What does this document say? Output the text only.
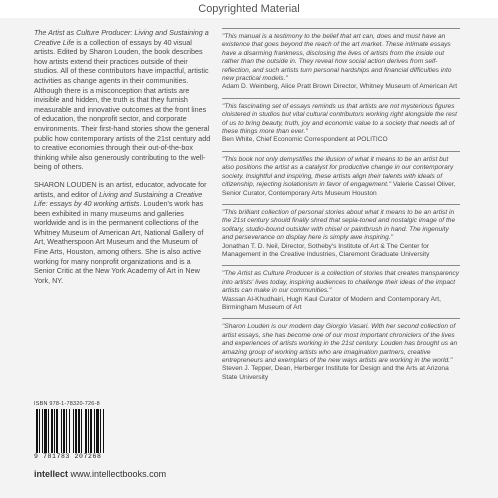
Copyrighted Material

The Artist as Culture Producer: Living and Sustaining a Creative Life is a collection of essays by 40 visual artists. Edited by Sharon Louden, the book describes how artists extend their practices outside of their studios. All of these contributors have impactful, artistic activities as change agents in their communities. Although there is a misconception that artists are invisible and hidden, the truth is that they furnish measurable and innovative outcomes at the front lines of education, the nonprofit sector, and corporate environments. Their first-hand stories show the general public how contemporary artists of the 21st century add to creative economies through their out-of-the-box thinking while also generously contributing to the well-being of others.

SHARON LOUDEN is an artist, educator, advocate for artists, and editor of Living and Sustaining a Creative Life: essays by 40 working artists. Louden's work has been exhibited in many museums and galleries worldwide and is in the permanent collections of the Whitney Museum of American Art, National Gallery of Art, Weatherspoon Art Museum and the Museum of Fine Arts, Houston, among others. She is also active working for many nonprofit organizations and is a Senior Critic at the New York Academy of Art in New York, NY.

"This manual is a testimony to the belief that art can, does and must have an existence that goes beyond the reach of the art market. These intimate essays have a disarming frankness, disclosing the lives of artists from the inside out rather than the outside in. They reveal how social action derives from self-reflection, and such artists turn personal hardships and financial difficulties into new practical models."

Adam D. Weinberg, Alice Pratt Brown Director, Whitney Museum of American Art

"This fascinating set of essays reminds us that artists are not mysterious figures cloistered in studios but vital cultural contributors working right alongside the rest of us to bring beauty, truth, joy and economic value to a society that needs all of these things more than ever."

Ben White, Chief Economic Correspondent at POLITICO

"This book not only demystifies the illusion of what it means to be an artist but also positions the artist as a catalyst for productive change in our contemporary society. Insightful and inspiring, these artists align their talents with ideals of citizenship, rejecting isolationism in favor of engagement." Valerie Cassel Oliver, Senior Curator, Contemporary Arts Museum Houston

"This brilliant collection of personal stories about what it means to be an artist in the 21st century should finally shred that sepia-toned and nostalgic image of the solitary, studio-bound outsider with chisel or paintbrush in hand. The ingenuity and perseverance on display here is simply awe inspiring."

Jonathan T. D. Neil, Director, Sotheby's Institute of Art & The Center for Management in the Creative Industries, Claremont Graduate University

"The Artist as Culture Producer is a collection of stories that creates transparency into artists' lives today, inspiring audiences to challenge their ideas of the impact artists can make in our communities."

Wassan Al-Khudhairi, Hugh Kaul Curator of Modern and Contemporary Art, Birmingham Museum of Art

"Sharon Louden is our modern day Giorgio Vasari. With her second collection of artist essays, she has become one of our most important chroniclers of the lives and experiences of artists working in the 21st century. Louden has brought us an amazing group of working artists who are imagination partners, creative entrepreneurs and exemplars of the new ways artists are working in the world."

Steven J. Tepper, Dean, Herberger Institute for Design and the Arts at Arizona State University

ISBN 978-1-78320-726-8
9 781783 207268
intellect www.intellectbooks.com
